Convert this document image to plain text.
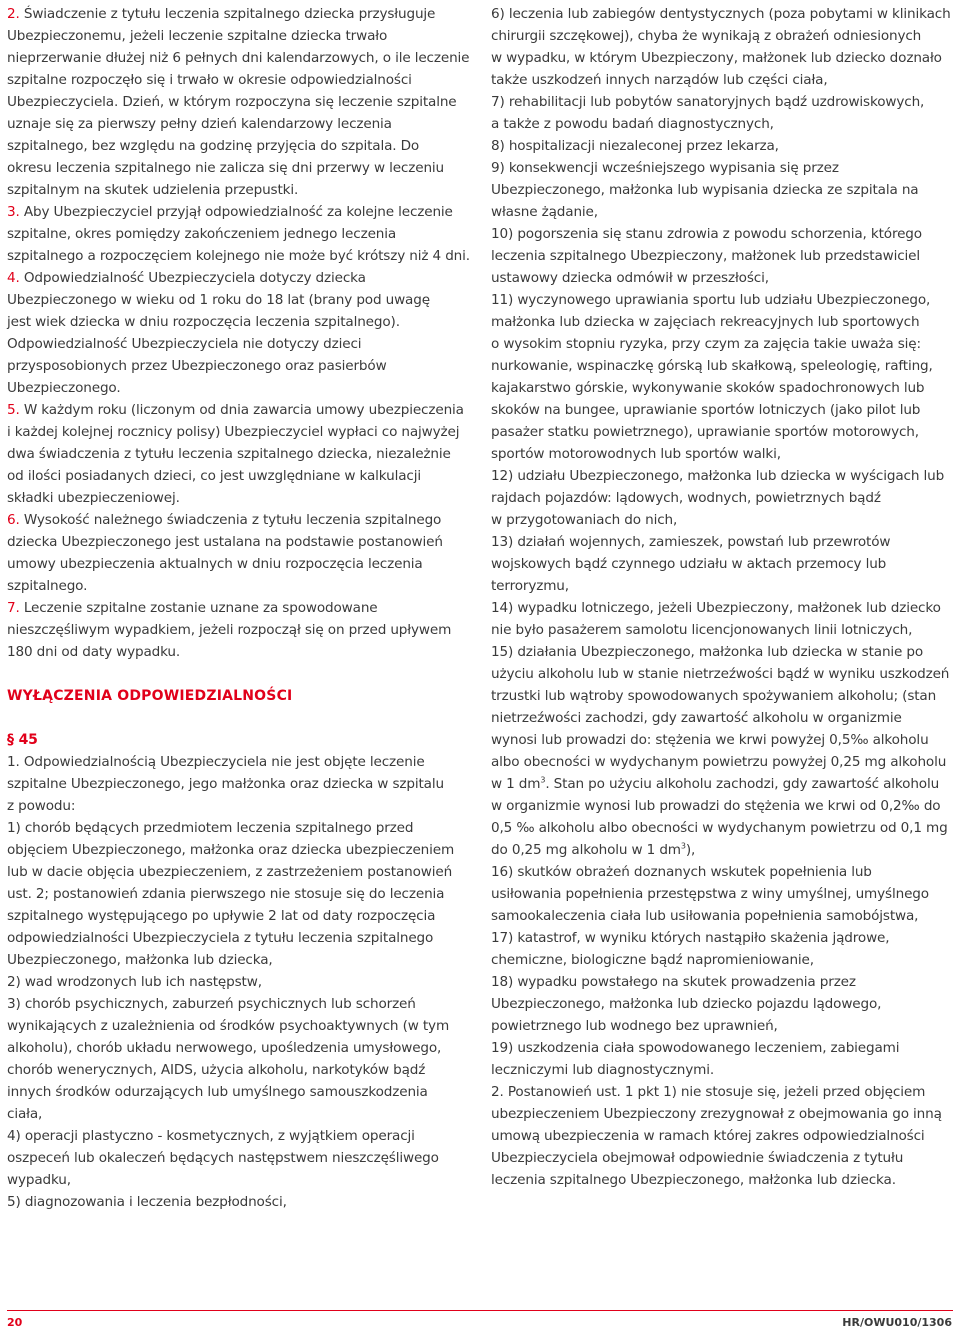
2. Świadczenie z tytułu leczenia szpitalnego dziecka przysługuje
Ubezpieczonemu, jeżeli leczenie szpitalne dziecka trwało
nieprzerwanie dłużej niż 6 pełnych dni kalendarzowych, o ile leczenie
szpitalne rozpoczęło się i trwało w okresie odpowiedzialności
Ubezpieczyciela. Dzień, w którym rozpoczyna się leczenie szpitalne
uznaje się za pierwszy pełny dzień kalendarzowy leczenia
szpitalnego, bez względu na godzinę przyjęcia do szpitala. Do
okresu leczenia szpitalnego nie zalicza się dni przerwy w leczeniu
szpitalnym na skutek udzielenia przepustki.
3. Aby Ubezpieczyciel przyjął odpowiedzialność za kolejne leczenie
szpitalne, okres pomiędzy zakończeniem jednego leczenia
szpitalnego a rozpoczęciem kolejnego nie może być krótszy niż 4 dni.
4. Odpowiedzialność Ubezpieczyciela dotyczy dziecka
Ubezpieczonego w wieku od 1 roku do 18 lat (brany pod uwagę
jest wiek dziecka w dniu rozpoczęcia leczenia szpitalnego).
Odpowiedzialność Ubezpieczyciela nie dotyczy dzieci
przysposobionych przez Ubezpieczonego oraz pasierbów
Ubezpieczonego.
5. W każdym roku (liczonym od dnia zawarcia umowy ubezpieczenia
i każdej kolejnej rocznicy polisy) Ubezpieczyciel wypłaci co najwyżej
dwa świadczenia z tytułu leczenia szpitalnego dziecka, niezależnie
od ilości posiadanych dzieci, co jest uwzględniane w kalkulacji
składki ubezpieczeniowej.
6. Wysokość należnego świadczenia z tytułu leczenia szpitalnego
dziecka Ubezpieczonego jest ustalana na podstawie postanowień
umowy ubezpieczenia aktualnych w dniu rozpoczęcia leczenia
szpitalnego.
7. Leczenie szpitalne zostanie uznane za spowodowane
nieszczęśliwym wypadkiem, jeżeli rozpoczął się on przed upływem
180 dni od daty wypadku.
WYŁĄCZENIA ODPOWIEDZIALNOŚCI
§ 45
1. Odpowiedzialnością Ubezpieczyciela nie jest objęte leczenie
szpitalne Ubezpieczonego, jego małżonka oraz dziecka w szpitalu
z powodu:
1) chorób będących przedmiotem leczenia szpitalnego przed
objęciem Ubezpieczonego, małżonka oraz dziecka ubezpieczeniem
lub w dacie objęcia ubezpieczeniem, z zastrzeżeniem postanowień
ust. 2; postanowień zdania pierwszego nie stosuje się do leczenia
szpitalnego występującego po upływie 2 lat od daty rozpoczęcia
odpowiedzialności Ubezpieczyciela z tytułu leczenia szpitalnego
Ubezpieczonego, małżonka lub dziecka,
2) wad wrodzonych lub ich następstw,
3) chorób psychicznych, zaburzeń psychicznych lub schorzeń
wynikających z uzależnienia od środków psychoaktywnych (w tym
alkoholu), chorób układu nerwowego, upośledzenia umysłowego,
chorób wenerycznych, AIDS, użycia alkoholu, narkotyków bądź
innych środków odurzających lub umyślnego samouszkodzenia
ciała,
4) operacji plastyczno - kosmetycznych, z wyjątkiem operacji
oszpeceń lub okaleczeń będących następstwem nieszczęśliwego
wypadku,
5) diagnozowania i leczenia bezpłodności,
6) leczenia lub zabiegów dentystycznych (poza pobytami w klinikach
chirurgii szczękowej), chyba że wynikają z obrażeń odniesionych
w wypadku, w którym Ubezpieczony, małżonek lub dziecko doznało
także uszkodzeń innych narządów lub części ciała,
7) rehabilitacji lub pobytów sanatoryjnych bądź uzdrowiskowych,
a także z powodu badań diagnostycznych,
8) hospitalizacji niezaleconej przez lekarza,
9) konsekwencji wcześniejszego wypisania się przez
Ubezpieczonego, małżonka lub wypisania dziecka ze szpitala na
własne żądanie,
10) pogorszenia się stanu zdrowia z powodu schorzenia, którego
leczenia szpitalnego Ubezpieczony, małżonek lub przedstawiciel
ustawowy dziecka odmówił w przeszłości,
11) wyczynowego uprawiania sportu lub udziału Ubezpieczonego,
małżonka lub dziecka w zajęciach rekreacyjnych lub sportowych
o wysokim stopniu ryzyka, przy czym za zajęcia takie uważa się:
nurkowanie, wspinaczkę górską lub skałkową, speleologię, rafting,
kajakarstwo górskie, wykonywanie skoków spadochronowych lub
skoków na bungee, uprawianie sportów lotniczych (jako pilot lub
pasażer statku powietrznego), uprawianie sportów motorowych,
sportów motorowodnych lub sportów walki,
12) udziału Ubezpieczonego, małżonka lub dziecka w wyścigach lub
rajdach pojazdów: lądowych, wodnych, powietrznych bądź
w przygotowaniach do nich,
13) działań wojennych, zamieszek, powstań lub przewrotów
wojskowych bądź czynnego udziału w aktach przemocy lub
terroryzmu,
14) wypadku lotniczego, jeżeli Ubezpieczony, małżonek lub dziecko
nie było pasażerem samolotu licencjonowanych linii lotniczych,
15) działania Ubezpieczonego, małżonka lub dziecka w stanie po
użyciu alkoholu lub w stanie nietrzeźwości bądź w wyniku uszkodzeń
trzustki lub wątroby spowodowanych spożywaniem alkoholu; (stan
nietrzeźwości zachodzi, gdy zawartość alkoholu w organizmie
wynosi lub prowadzi do: stężenia we krwi powyżej 0,5‰ alkoholu
albo obecności w wydychanym powietrzu powyżej 0,25 mg alkoholu
w 1 $dm^3$. Stan po użyciu alkoholu zachodzi, gdy zawartość alkoholu
w organizmie wynosi lub prowadzi do stężenia we krwi od 0,2‰ do
0,5 ‰ alkoholu albo obecności w wydychanym powietrzu od 0,1 mg
do 0,25 mg alkoholu w 1 $dm^3$),
16) skutków obrażeń doznanych wskutek popełnienia lub
usiłowania popełnienia przestępstwa z winy umyślnej, umyślnego
samookaleczenia ciała lub usiłowania popełnienia samobójstwa,
17) katastrof, w wyniku których nastąpiło skażenia jądrowe,
chemiczne, biologiczne bądź napromieniowanie,
18) wypadku powstałego na skutek prowadzenia przez
Ubezpieczonego, małżonka lub dziecko pojazdu lądowego,
powietrznego lub wodnego bez uprawnień,
19) uszkodzenia ciała spowodowanego leczeniem, zabiegami
leczniczymi lub diagnostycznymi.
2. Postanowień ust. 1 pkt 1) nie stosuje się, jeżeli przed objęciem
ubezpieczeniem Ubezpieczony zrezygnował z obejmowania go inną
umową ubezpieczenia w ramach której zakres odpowiedzialności
Ubezpieczyciela obejmował odpowiednie świadczenia z tytułu
leczenia szpitalnego Ubezpieczonego, małżonka lub dziecka.
20	HR/OWU010/1306
